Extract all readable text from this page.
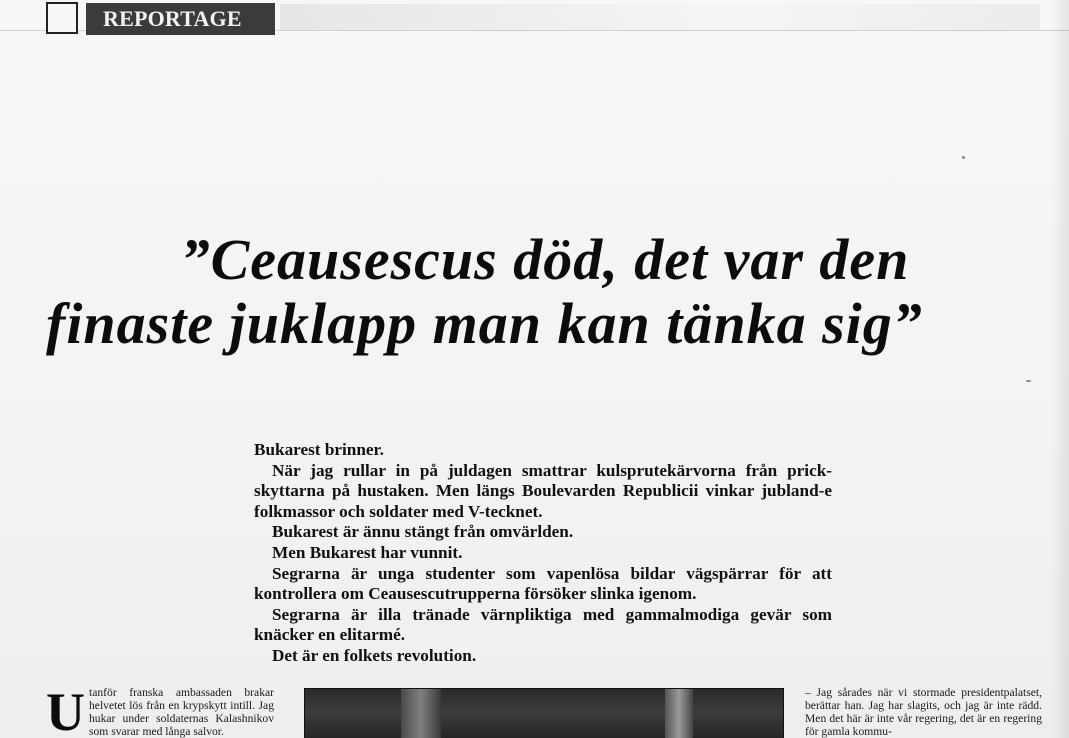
REPORTAGE
”Ceausescus död, det var den
finaste juklapp man kan tänka sig”

Bukarest brinner.

När jag rullar in på juldagen smattrar kulsprutekärvorna från prick-skyttarna på hustaken. Men längs Boulevarden Republicii vinkar jubland-e folkmassor och soldater med V-tecknet.

Bukarest är ännu stängt från omvärlden.

Men Bukarest har vunnit.

Segrarna är unga studenter som vapenlösa bildar vägspärrar för att kontrollera om Ceausescutrupperna försöker slinka igenom.

Segrarna är illa tränade värnpliktiga med gammalmodiga gevär som knäcker en elitarmé.

Det är en folkets revolution.

U tanför franska ambassaden brakar helvetet lös från en krypskytt intill. Jag hukar under soldaternas Kalashnikov som svarar med långa salvor.
– Jag sårades när vi stormade presidentpalatset, berättar han. Jag har slagits, och jag är inte rädd. Men det här är inte vår regering, det är en regering för gamla kommu-
